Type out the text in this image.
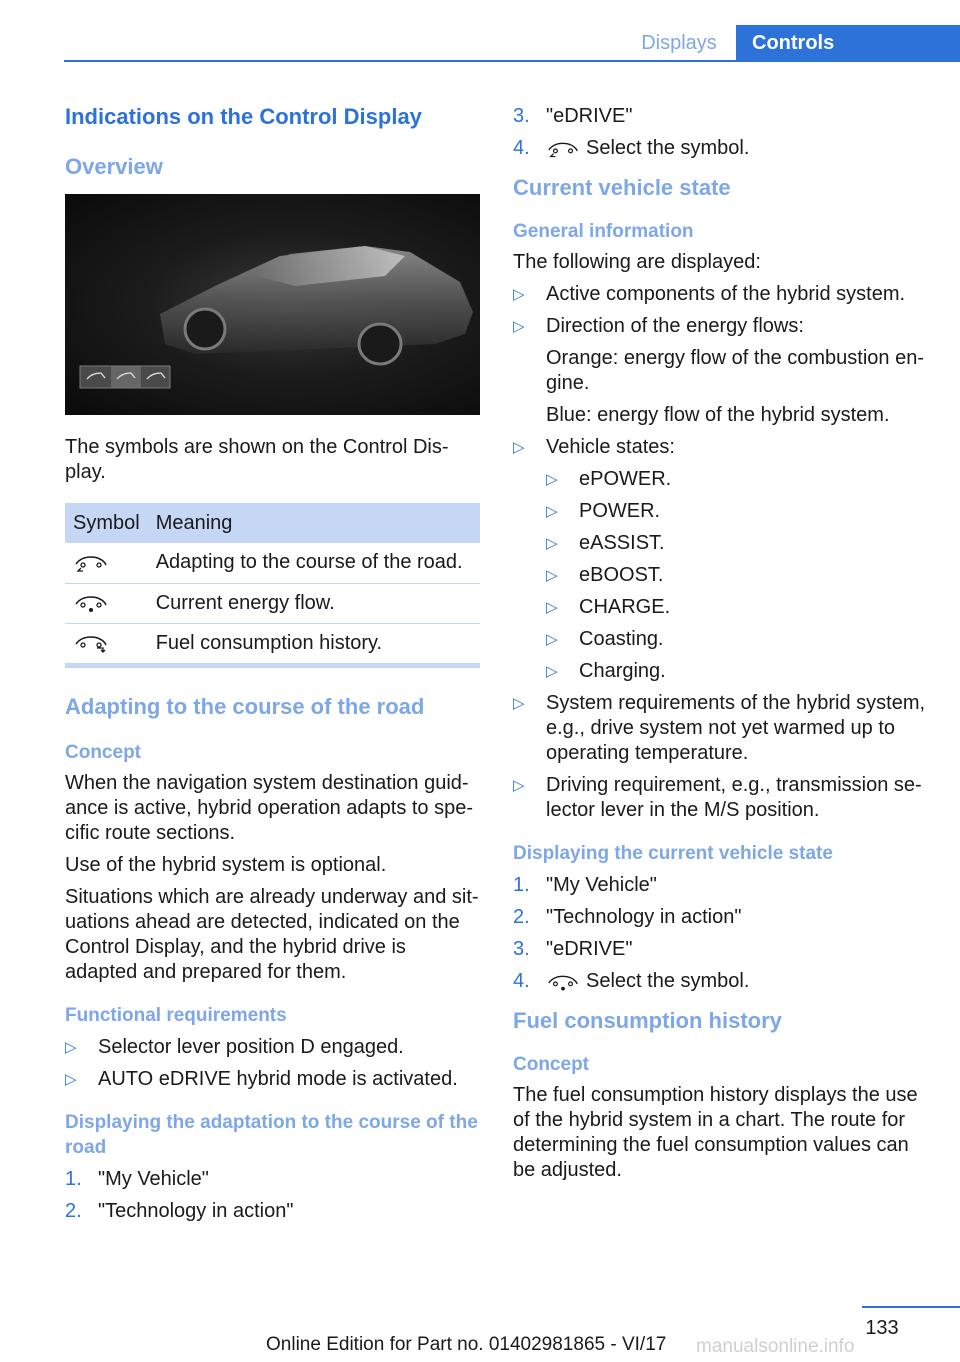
Displays	Controls
Indications on the Control Display
Overview

The symbols are shown on the Control Dis-play.

Symbol	Meaning
	Adapting to the course of the road.
	Current energy flow.
	Fuel consumption history.
Adapting to the course of the road
Concept

When the navigation system destination guid-ance is active, hybrid operation adapts to spe-cific route sections.

Use of the hybrid system is optional.

Situations which are already underway and sit-uations ahead are detected, indicated on the Control Display, and the hybrid drive is adapted and prepared for them.

Functional requirements
▷ Selector lever position D engaged.
▷ AUTO eDRIVE hybrid mode is activated.
Displaying the adaptation to the course of the road
1. "My Vehicle"
2. "Technology in action"
3. "eDRIVE"
4.	Select the symbol.
Current vehicle state
General information

The following are displayed:

▷ Active components of the hybrid system.
▷ Direction of the energy flows:

Orange: energy flow of the combustion en-gine.

Blue: energy flow of the hybrid system.

▷ Vehicle states:
▷ ePOWER.
▷ POWER.
▷ eASSIST.
▷ eBOOST.
▷ CHARGE.
▷ Coasting.
▷ Charging.
▷ System requirements of the hybrid system, e.g., drive system not yet warmed up to operating temperature.
▷ Driving requirement, e.g., transmission se-lector lever in the M/S position.
Displaying the current vehicle state
1. "My Vehicle"
2. "Technology in action"
3. "eDRIVE"
4.	Select the symbol.
Fuel consumption history
Concept

The fuel consumption history displays the use of the hybrid system in a chart. The route for determining the fuel consumption values can be adjusted.

133
Online Edition for Part no. 01402981865 - VI/17	manualsonline.info
